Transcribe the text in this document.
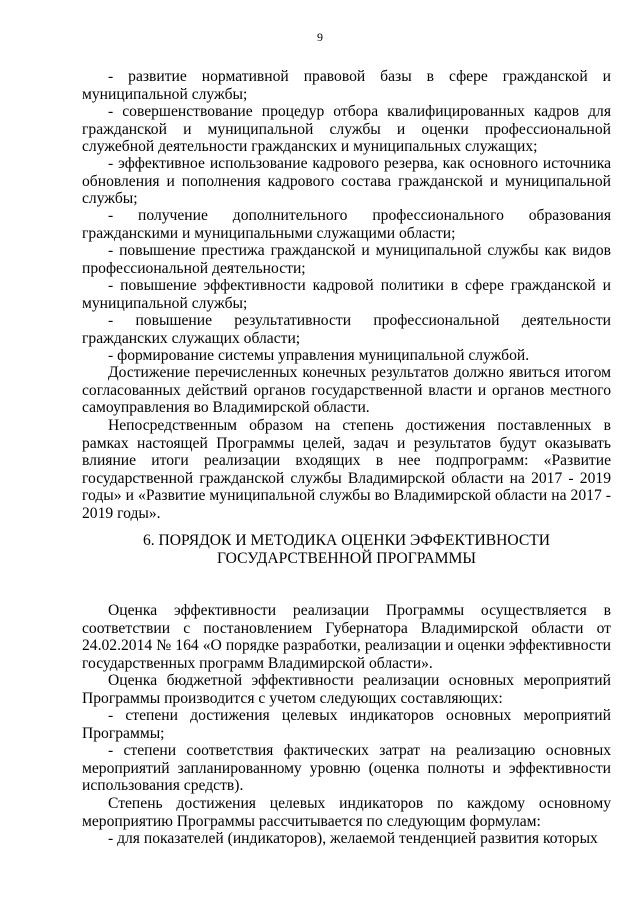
9

- развитие нормативной правовой базы в сфере гражданской и муниципальной службы;

- совершенствование процедур отбора квалифицированных кадров для гражданской и муниципальной службы и оценки профессиональной служебной деятельности гражданских и муниципальных служащих;

- эффективное использование кадрового резерва, как основного источника обновления и пополнения кадрового состава гражданской и муниципальной службы;

- получение дополнительного профессионального образования гражданскими и муниципальными служащими области;

- повышение престижа гражданской и муниципальной службы как видов профессиональной деятельности;

- повышение эффективности кадровой политики в сфере гражданской и муниципальной службы;

- повышение результативности профессиональной деятельности гражданских служащих области;

- формирование системы управления муниципальной службой.

Достижение перечисленных конечных результатов должно явиться итогом согласованных действий органов государственной власти и органов местного самоуправления во Владимирской области.

Непосредственным образом на степень достижения поставленных в рамках настоящей Программы целей, задач и результатов будут оказывать влияние итоги реализации входящих в нее подпрограмм: «Развитие государственной гражданской службы Владимирской области на 2017 - 2019 годы» и «Развитие муниципальной службы во Владимирской области на 2017 - 2019 годы».

6. ПОРЯДОК И МЕТОДИКА ОЦЕНКИ ЭФФЕКТИВНОСТИ
ГОСУДАРСТВЕННОЙ ПРОГРАММЫ

Оценка эффективности реализации Программы осуществляется в соответствии с постановлением Губернатора Владимирской области от 24.02.2014 № 164 «О порядке разработки, реализации и оценки эффективности государственных программ Владимирской области».

Оценка бюджетной эффективности реализации основных мероприятий Программы производится с учетом следующих составляющих:

- степени достижения целевых индикаторов основных мероприятий Программы;

- степени соответствия фактических затрат на реализацию основных мероприятий запланированному уровню (оценка полноты и эффективности использования средств).

Степень достижения целевых индикаторов по каждому основному мероприятию Программы рассчитывается по следующим формулам:

- для показателей (индикаторов), желаемой тенденцией развития которых
